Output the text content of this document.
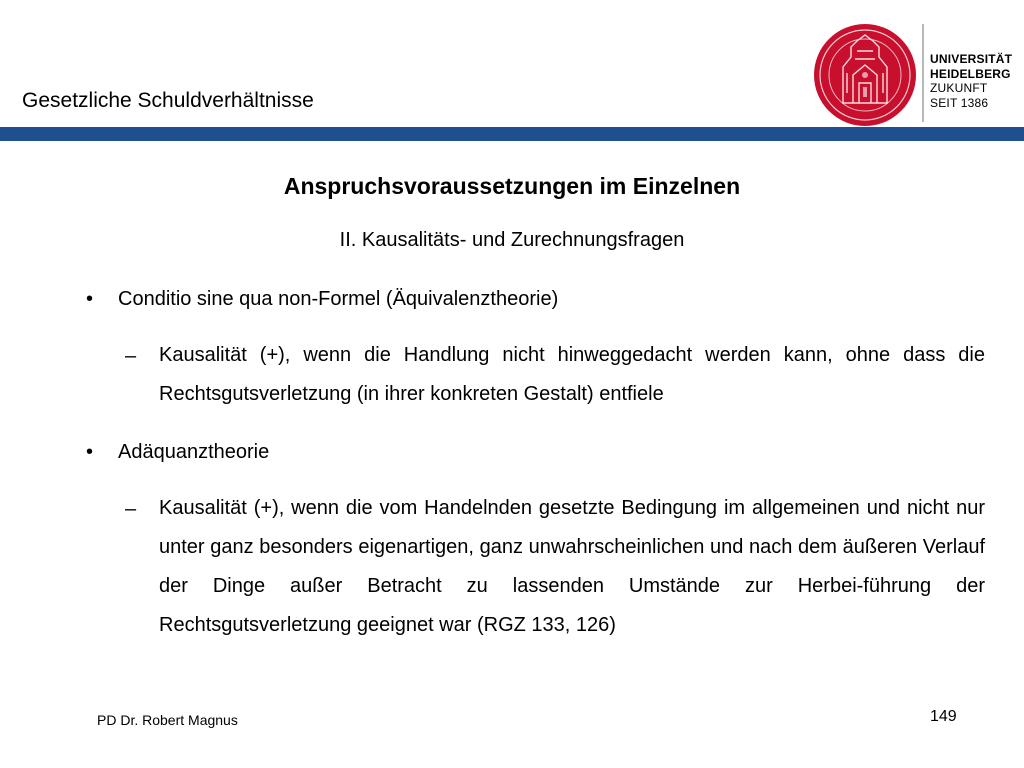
Gesetzliche Schuldverhältnisse
UNIVERSITÄT
HEIDELBERG
ZUKUNFT
SEIT 1386
Anspruchsvoraussetzungen im Einzelnen
II. Kausalitäts- und Zurechnungsfragen
• Conditio sine qua non-Formel (Äquivalenztheorie)
– Kausalität (+), wenn die Handlung nicht hinweggedacht werden kann, ohne dass die Rechtsgutsverletzung (in ihrer konkreten Gestalt) entfiele
• Adäquanztheorie
– Kausalität (+), wenn die vom Handelnden gesetzte Bedingung im allgemeinen und nicht nur unter ganz besonders eigenartigen, ganz unwahrscheinlichen und nach dem äußeren Verlauf der Dinge außer Betracht zu lassenden Umstände zur Herbei-führung der Rechtsgutsverletzung geeignet war (RGZ 133, 126)
PD Dr. Robert Magnus	149
